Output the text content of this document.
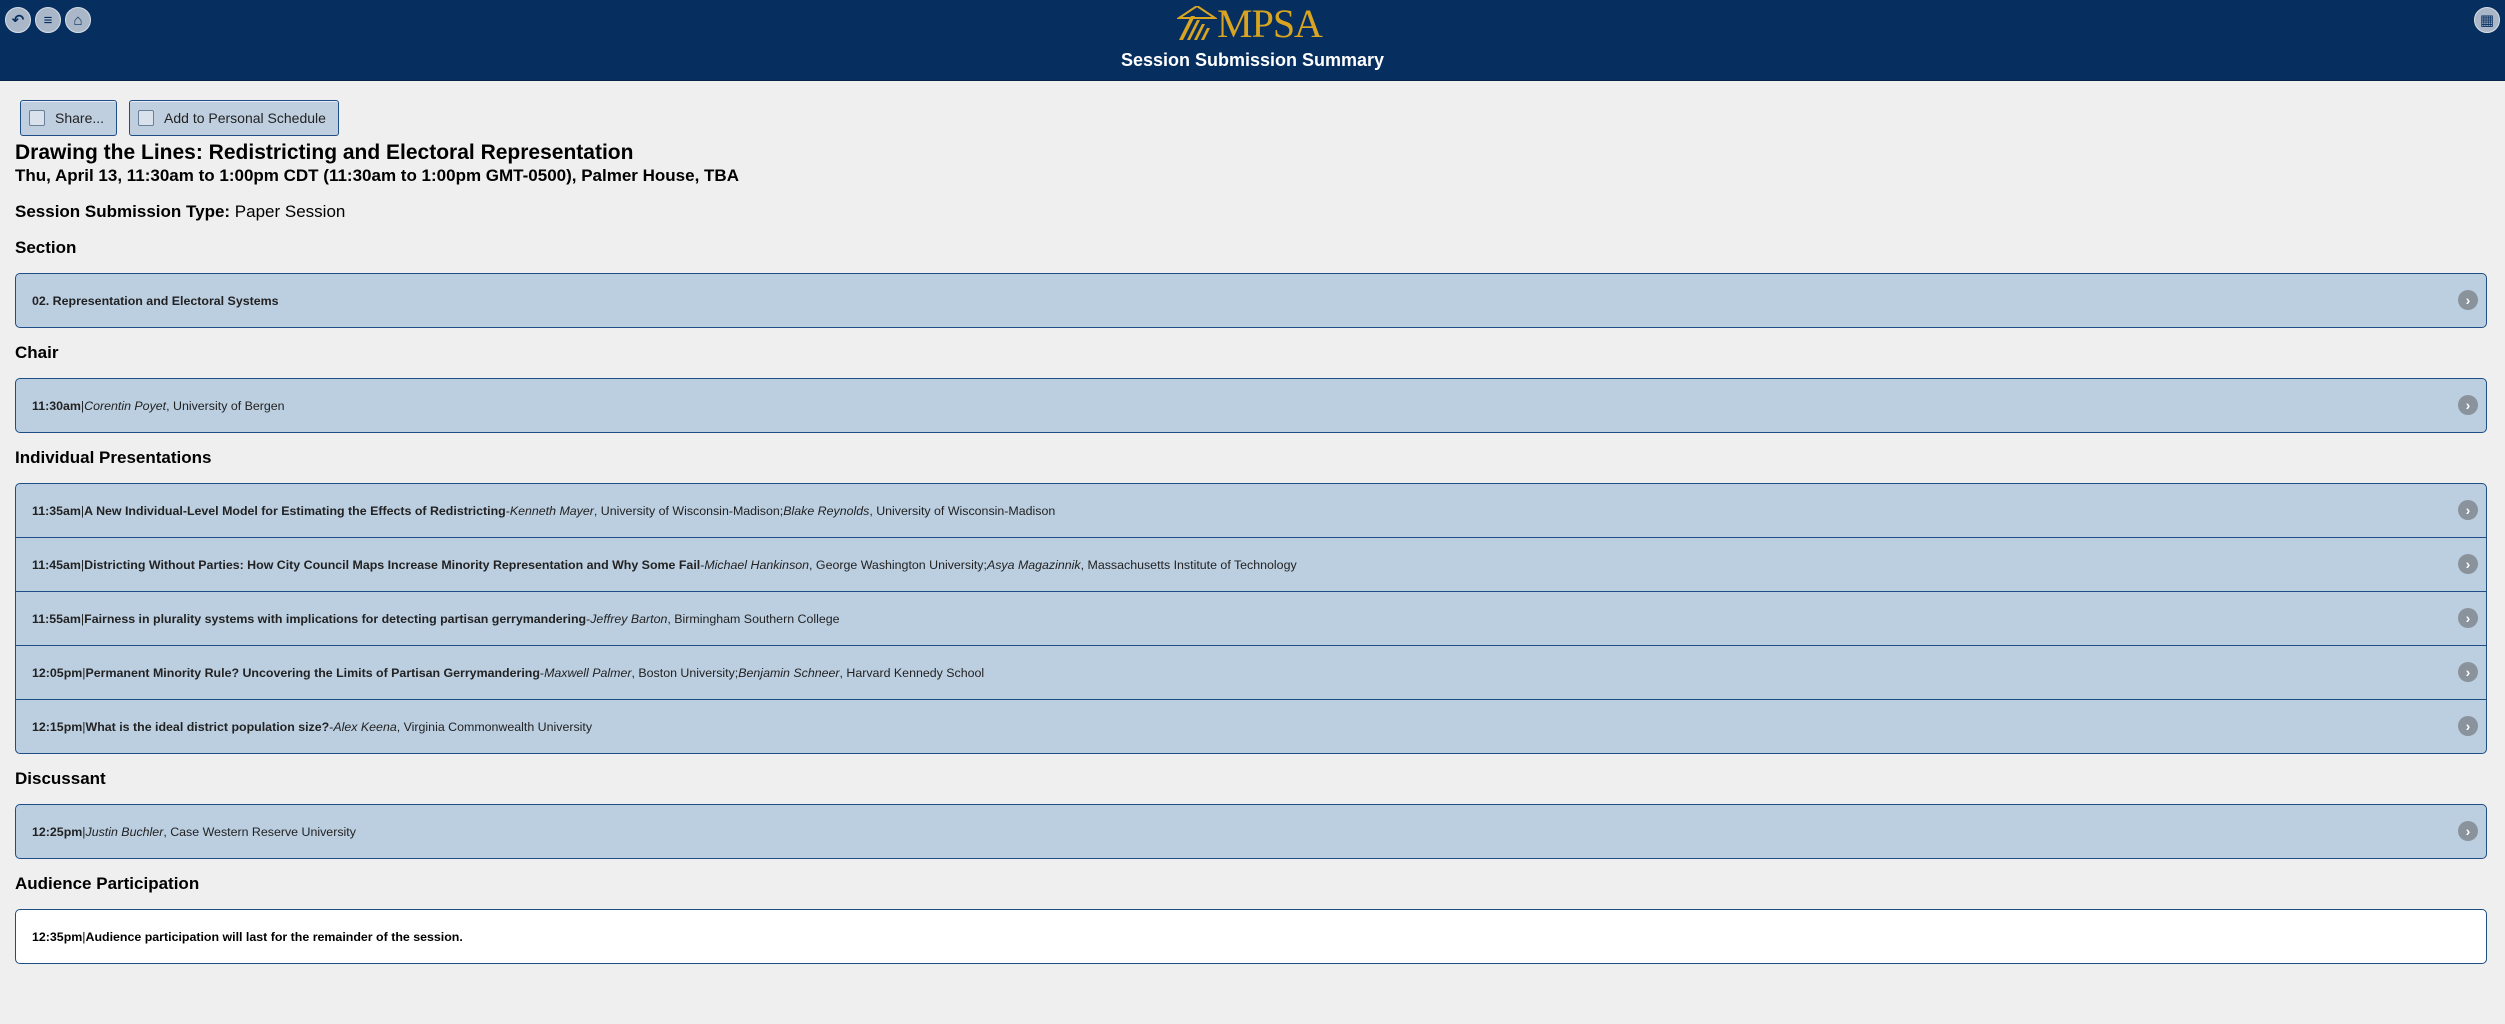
↶	≡	⌂	MPSA
Session Submission Summary
▦
Share...	Add to Personal Schedule
Drawing the Lines: Redistricting and Electoral Representation

Thu, April 13, 11:30am to 1:00pm CDT (11:30am to 1:00pm GMT-0500), Palmer House, TBA

Session Submission Type: Paper Session
Section
02. Representation and Electoral Systems	›
Chair
11:30am | Corentin Poyet , University of Bergen	›
Individual Presentations
11:35am | A New Individual-Level Model for Estimating the Effects of Redistricting - Kenneth Mayer , University of Wisconsin-Madison; Blake Reynolds , University of Wisconsin-Madison	›
11:45am | Districting Without Parties: How City Council Maps Increase Minority Representation and Why Some Fail - Michael Hankinson , George Washington University; Asya Magazinnik , Massachusetts Institute of Technology	›
11:55am | Fairness in plurality systems with implications for detecting partisan gerrymandering - Jeffrey Barton , Birmingham Southern College	›
12:05pm | Permanent Minority Rule? Uncovering the Limits of Partisan Gerrymandering - Maxwell Palmer , Boston University; Benjamin Schneer , Harvard Kennedy School	›
12:15pm | What is the ideal district population size? - Alex Keena , Virginia Commonwealth University	›
Discussant
12:25pm | Justin Buchler , Case Western Reserve University	›
Audience Participation
12:35pm | Audience participation will last for the remainder of the session.
